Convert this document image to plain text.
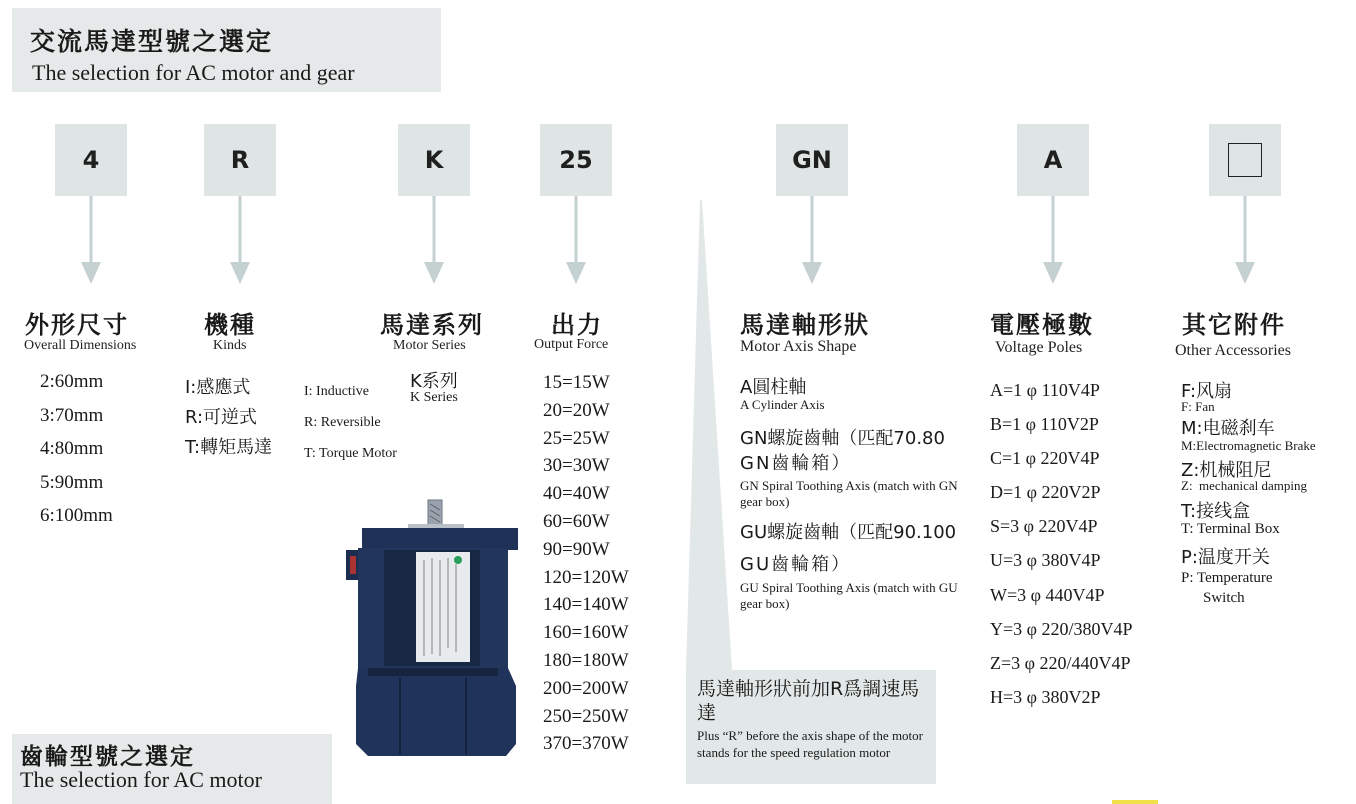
交流馬達型號之選定
The selection for AC motor and gear
4	R	K	25	GN	A
外形尺寸
Overall Dimensions
2:60mm
3:70mm
4:80mm
5:90mm
6:100mm
機種
Kinds
I:感應式
R:可逆式
T:轉矩馬達
I: Inductive
R: Reversible
T: Torque Motor
馬達系列
Motor Series
K系列
K Series
出力
Output Force
15=15W
20=20W
25=25W
30=30W
40=40W
60=60W
90=90W
120=120W
140=140W
160=160W
180=180W
200=200W
250=250W
370=370W
馬達軸形狀
Motor Axis Shape
A圓柱軸
A Cylinder Axis
GN螺旋齒軸（匹配70.80
GN齒輪箱）
GN Spiral Toothing Axis (match with GN gear box)
GU螺旋齒軸（匹配90.100
GU齒輪箱）
GU Spiral Toothing Axis (match with GU gear box)
馬達軸形狀前加R爲調速馬達
Plus “R” before the axis shape of the motor stands for the speed regulation motor
電壓極數
Voltage Poles
A=1 φ 110V4P
B=1 φ 110V2P
C=1 φ 220V4P
D=1 φ 220V2P
S=3 φ 220V4P
U=3 φ 380V4P
W=3 φ 440V4P
Y=3 φ 220/380V4P
Z=3 φ 220/440V4P
H=3 φ 380V2P
其它附件
Other Accessories
F:风扇
F: Fan
M:电磁刹车
M:Electromagnetic Brake
Z:机械阻尼
Z:  mechanical damping
T:接线盒
T: Terminal Box
P:温度开关
P: Temperature
Switch
齒輪型號之選定
The selection for AC motor
